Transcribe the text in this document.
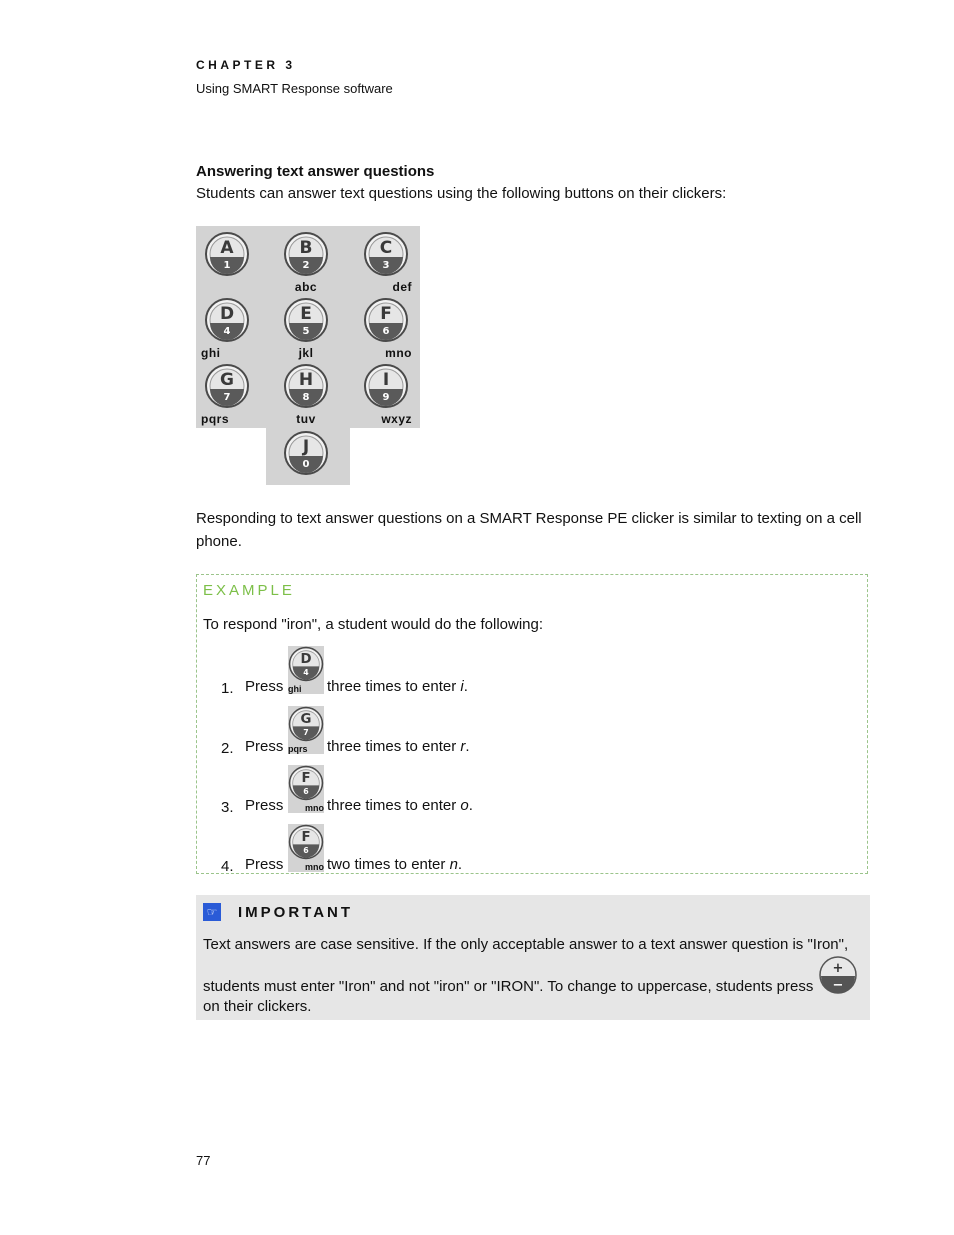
CHAPTER 3
Using SMART Response software
Answering text answer questions
Students can answer text questions using the following buttons on their clickers:
A
1
B
2
abc
C
3
def
D
4
ghi
E
5
jkl
F
6
mno
G
7
pqrs
H
8
tuv
I
9
wxyz
J
0
Responding to text answer questions on a SMART Response PE clicker is similar to texting on a cell phone.
EXAMPLE
To respond "iron", a student would do the following:
1. Press
D
4
ghi three times to enter i.
2. Press
G
7
pqrs three times to enter r.
3. Press
F
6
mno three times to enter o.
4. Press
F
6
mno two times to enter n.
☞ IMPORTANT
Text answers are case sensitive. If the only acceptable answer to a text answer question is "Iron",
students must enter "Iron" and not "iron" or "IRON". To change to uppercase, students press
+
−
on their clickers.
77
